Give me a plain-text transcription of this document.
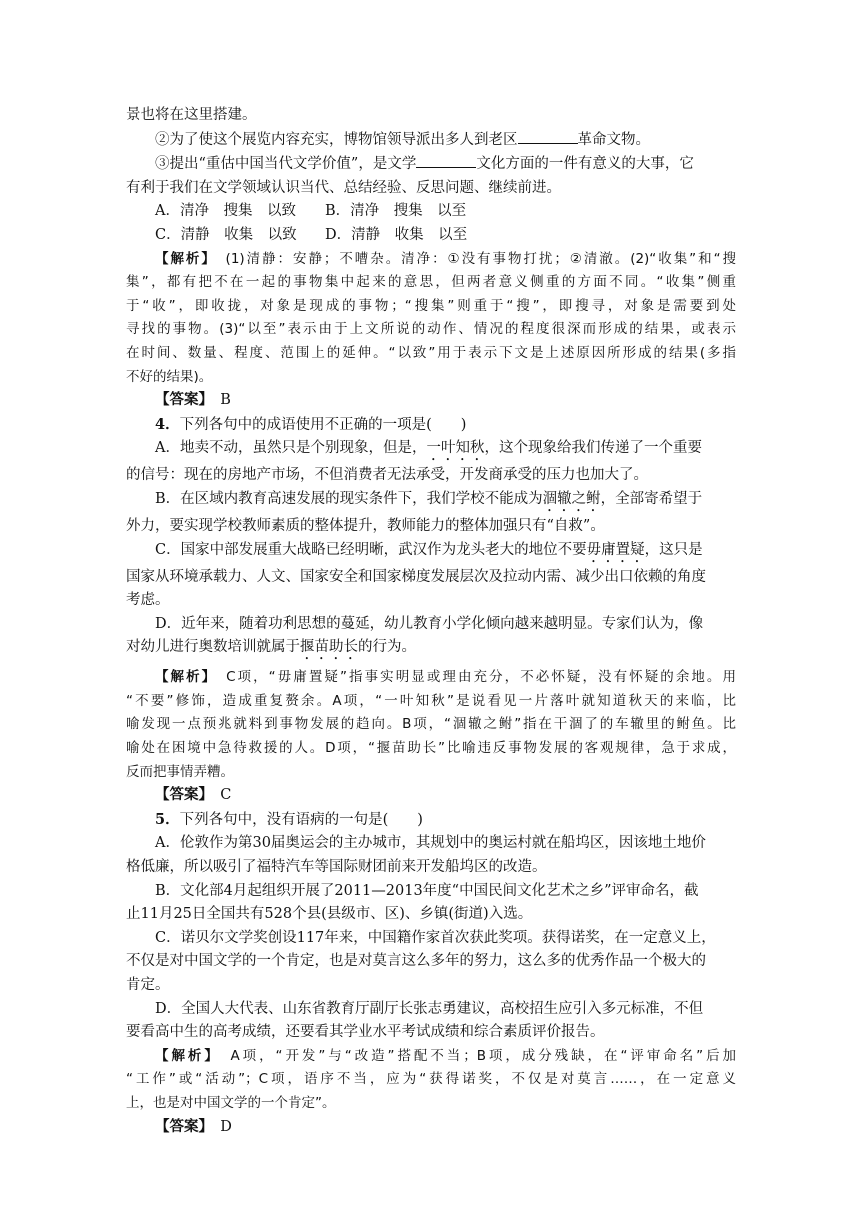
景也将在这里搭建。
②为了使这个展览内容充实，博物馆领导派出多人到老区	革命文物。
③提出“重估中国当代文学价值”，是文学	文化方面的一件有意义的大事，它
有利于我们在文学领域认识当代、总结经验、反思问题、继续前进。
A．清净　搜集　以致 B．清净　搜集　以至
C．清静　收集　以致 D．清静　收集　以至
【解析】　 (1)清静：安静；不嘈杂。清净：①没有事物打扰；②清澈。(2)“收集”和“搜
集”，都有把不在一起的事物集中起来的意思，但两者意义侧重的方面不同。“收集”侧重
于“收”，即收拢，对象是现成的事物；“搜集”则重于“搜”，即搜寻，对象是需要到处
寻找的事物。(3)“以至”表示由于上文所说的动作、情况的程度很深而形成的结果，或表示
在时间、数量、程度、范围上的延伸。“以致”用于表示下文是上述原因所形成的结果(多指
不好的结果)。
【答案】　 B
4．下列各句中的成语使用不正确的一项是(　　)
A．地卖不动，虽然只是个别现象，但是，一叶知秋，这个现象给我们传递了一个重要
的信号：现在的房地产市场，不但消费者无法承受，开发商承受的压力也加大了。
B．在区域内教育高速发展的现实条件下，我们学校不能成为涸辙之鲋，全部寄希望于
外力，要实现学校教师素质的整体提升，教师能力的整体加强只有“自救”。
C．国家中部发展重大战略已经明晰，武汉作为龙头老大的地位不要毋庸置疑，这只是
国家从环境承载力、人文、国家安全和国家梯度发展层次及拉动内需、减少出口依赖的角度
考虑。
D．近年来，随着功利思想的蔓延，幼儿教育小学化倾向越来越明显。专家们认为，像
对幼儿进行奥数培训就属于揠苗助长的行为。
【解析】　 C项，“毋庸置疑”指事实明显或理由充分，不必怀疑，没有怀疑的余地。用
“不要”修饰，造成重复赘余。A项，“一叶知秋”是说看见一片落叶就知道秋天的来临，比
喻发现一点预兆就料到事物发展的趋向。B项，“涸辙之鲋”指在干涸了的车辙里的鲋鱼。比
喻处在困境中急待救援的人。D项，“揠苗助长”比喻违反事物发展的客观规律，急于求成，
反而把事情弄糟。
【答案】　 C
5．下列各句中，没有语病的一句是(　　)
A．伦敦作为第30届奥运会的主办城市，其规划中的奥运村就在船坞区，因该地土地价
格低廉，所以吸引了福特汽车等国际财团前来开发船坞区的改造。
B．文化部4月起组织开展了2011—2013年度“中国民间文化艺术之乡”评审命名，截
止11月25日全国共有528个县(县级市、区)、乡镇(街道)入选。
C．诺贝尔文学奖创设117年来，中国籍作家首次获此奖项。获得诺奖，在一定意义上，
不仅是对中国文学的一个肯定，也是对莫言这么多年的努力，这么多的优秀作品一个极大的
肯定。
D．全国人大代表、山东省教育厅副厅长张志勇建议，高校招生应引入多元标准，不但
要看高中生的高考成绩，还要看其学业水平考试成绩和综合素质评价报告。
【解析】　 A项，“开发”与“改造”搭配不当；B项，成分残缺，在“评审命名”后加
“工作”或“活动”；C项，语序不当，应为“获得诺奖，不仅是对莫言……，在一定意义
上，也是对中国文学的一个肯定”。
【答案】　 D
